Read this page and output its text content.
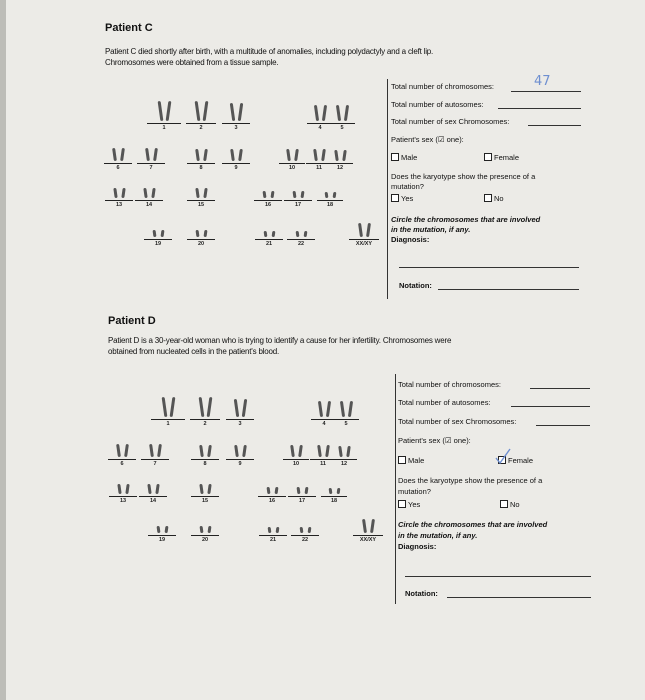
Patient C
Patient C died shortly after birth, with a multitude of anomalies, including polydactyly and a cleft lip.
Chromosomes were obtained from a tissue sample.
1	2	3	4	5
6	7	8	9	10	11	12
13	14	15	16	17	18
19	20	21	22	XX/XY
Total number of chromosomes:	47
Total number of autosomes:
Total number of sex Chromosomes:
Patient's sex (☑ one):
Male	Female
Does the karyotype show the presence of a
mutation?
Yes	No
Circle the chromosomes that are involved
in the mutation, if any.
Diagnosis:
Notation:
Patient D
Patient D is a 30-year-old woman who is trying to identify a cause for her infertility. Chromosomes were
obtained from nucleated cells in the patient's blood.
1	2	3	4	5
6	7	8	9	10	11	12
13	14	15	16	17	18
19	20	21	22	XX/XY
Total number of chromosomes:
Total number of autosomes:
Total number of sex Chromosomes:
Patient's sex (☑ one):
Male	Female
Does the karyotype show the presence of a
mutation?
Yes	No
Circle the chromosomes that are involved
in the mutation, if any.
Diagnosis:
Notation:
